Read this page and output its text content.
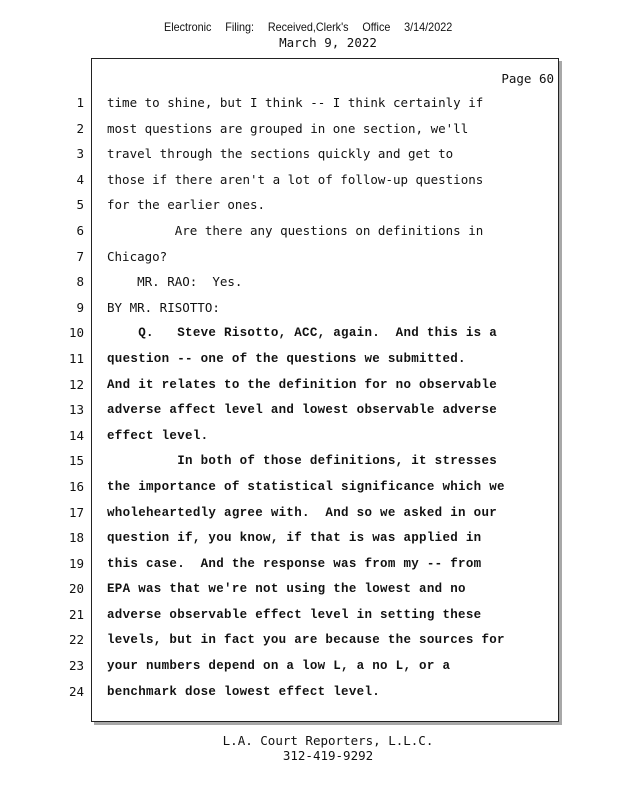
Electronic Filing: Received,Clerk's Office 3/14/2022
March 9, 2022
Page 60
1
2
3
4
5
6
7
8
9
10
11
12
13
14
15
16
17
18
19
20
21
22
23
24
time to shine, but I think -- I think certainly if
most questions are grouped in one section, we'll
travel through the sections quickly and get to
those if there aren't a lot of follow-up questions
for the earlier ones.
Are there any questions on definitions in
Chicago?
MR. RAO:  Yes.
BY MR. RISOTTO:
Q.   Steve Risotto, ACC, again.  And this is a
question -- one of the questions we submitted.
And it relates to the definition for no observable
adverse affect level and lowest observable adverse
effect level.
In both of those definitions, it stresses
the importance of statistical significance which we
wholeheartedly agree with.  And so we asked in our
question if, you know, if that is was applied in
this case.  And the response was from my -- from
EPA was that we're not using the lowest and no
adverse observable effect level in setting these
levels, but in fact you are because the sources for
your numbers depend on a low L, a no L, or a
benchmark dose lowest effect level.
L.A. Court Reporters, L.L.C.
312-419-9292
